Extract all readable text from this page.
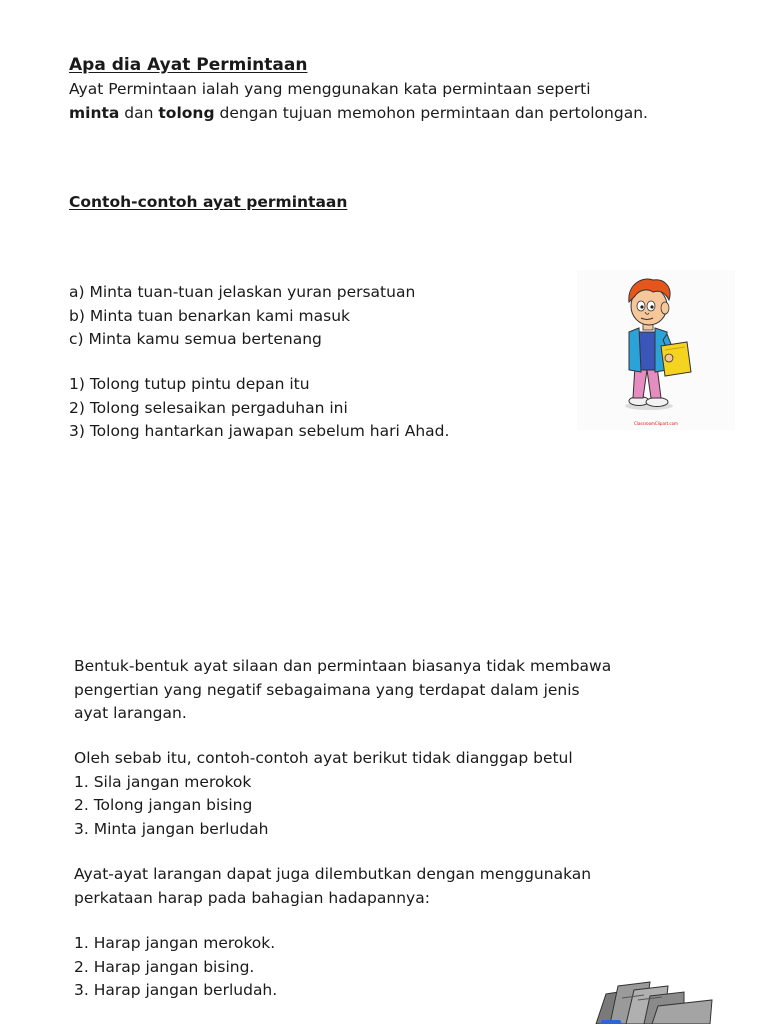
Apa dia Ayat Permintaan
Ayat Permintaan ialah yang menggunakan kata permintaan seperti
minta dan tolong dengan tujuan memohon permintaan dan pertolongan.
Contoh-contoh ayat permintaan
a) Minta tuan-tuan jelaskan yuran persatuan
b) Minta tuan benarkan kami masuk
c) Minta kamu semua bertenang
1) Tolong tutup pintu depan itu
2) Tolong selesaikan pergaduhan ini
3) Tolong hantarkan jawapan sebelum hari Ahad.	ClassroomClipart.com
Bentuk-bentuk ayat silaan dan permintaan biasanya tidak membawa
pengertian yang negatif sebagaimana yang terdapat dalam jenis
ayat larangan.
Oleh sebab itu, contoh-contoh ayat berikut tidak dianggap betul
1. Sila jangan merokok
2. Tolong jangan bising
3. Minta jangan berludah
Ayat-ayat larangan dapat juga dilembutkan dengan menggunakan
perkataan harap pada bahagian hadapannya:
1. Harap jangan merokok.
2. Harap jangan bising.
3. Harap jangan berludah.
